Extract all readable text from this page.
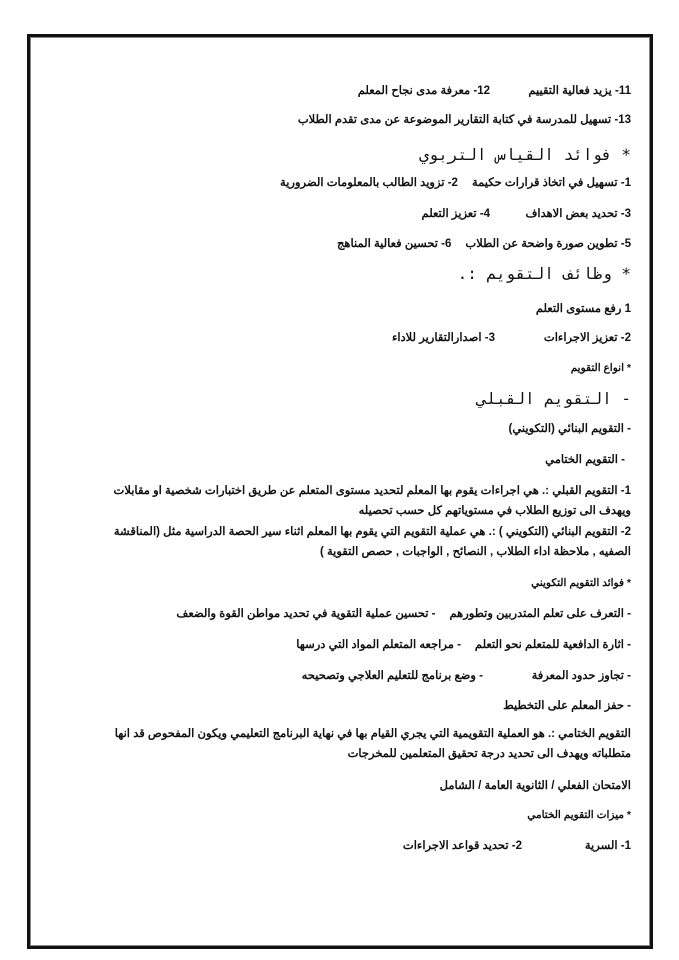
11- يزيد فعالية التقييم
12- معرفة مدى نجاح المعلم
13- تسهيل للمدرسة في كتابة التقارير الموضوعة عن مدى تقدم الطلاب
* فوائد القياس التربوي
1- تسهيل في اتخاذ قرارات حكيمة
2- تزويد الطالب بالمعلومات الضرورية
3- تحديد بعض الاهداف
4- تعزيز التعلم
5- تطوين صورة واضحة عن الطلاب
6- تحسين فعالية المناهج
* وظائف التقويم :.
1 رفع مستوى التعلم
2- تعزيز الاجراءات
3- اصدارالتقارير للاداء
* انواع التقويم
- التقويم القبلي
- التقويم البنائي (التكويني)
- التقويم الختامي
1- التقويم القبلي :. هي اجراءات يقوم بها المعلم لتحديد مستوى المتعلم عن طريق اختبارات شخصية او مقابلات ويهدف الى توزيع الطلاب في مستوياتهم كل حسب تحصيله
2- التقويم البنائي (التكويني ) :. هي عملية التقويم التي يقوم بها المعلم اثناء سير الحصة الدراسية مثل (المناقشة الصفيه , ملاحظة اداء الطلاب , النصائح , الواجبات , حصص التقوية )
* فوائد التقويم التكويني
- التعرف على تعلم المتدربين وتطورهم
- تحسين عملية التقوية في تحديد مواطن القوة والضعف
- اثارة الدافعية للمتعلم نحو التعلم
- مراجعه المتعلم المواد التي درسها
- تجاوز حدود المعرفة
- وضع برنامج للتعليم العلاجي وتصحيحه
- حفز المعلم على التخطيط
التقويم الختامي :. هو العملية التقويمية التي يجري القيام بها في نهاية البرنامج التعليمي ويكون المفحوص قد انها متطلباته ويهدف الى تحديد درجة تحقيق المتعلمين للمخرجات
الامتحان الفعلي / الثانوية العامة / الشامل
* ميزات التقويم الختامي
1- السرية
2- تحديد قواعد الاجراءات
